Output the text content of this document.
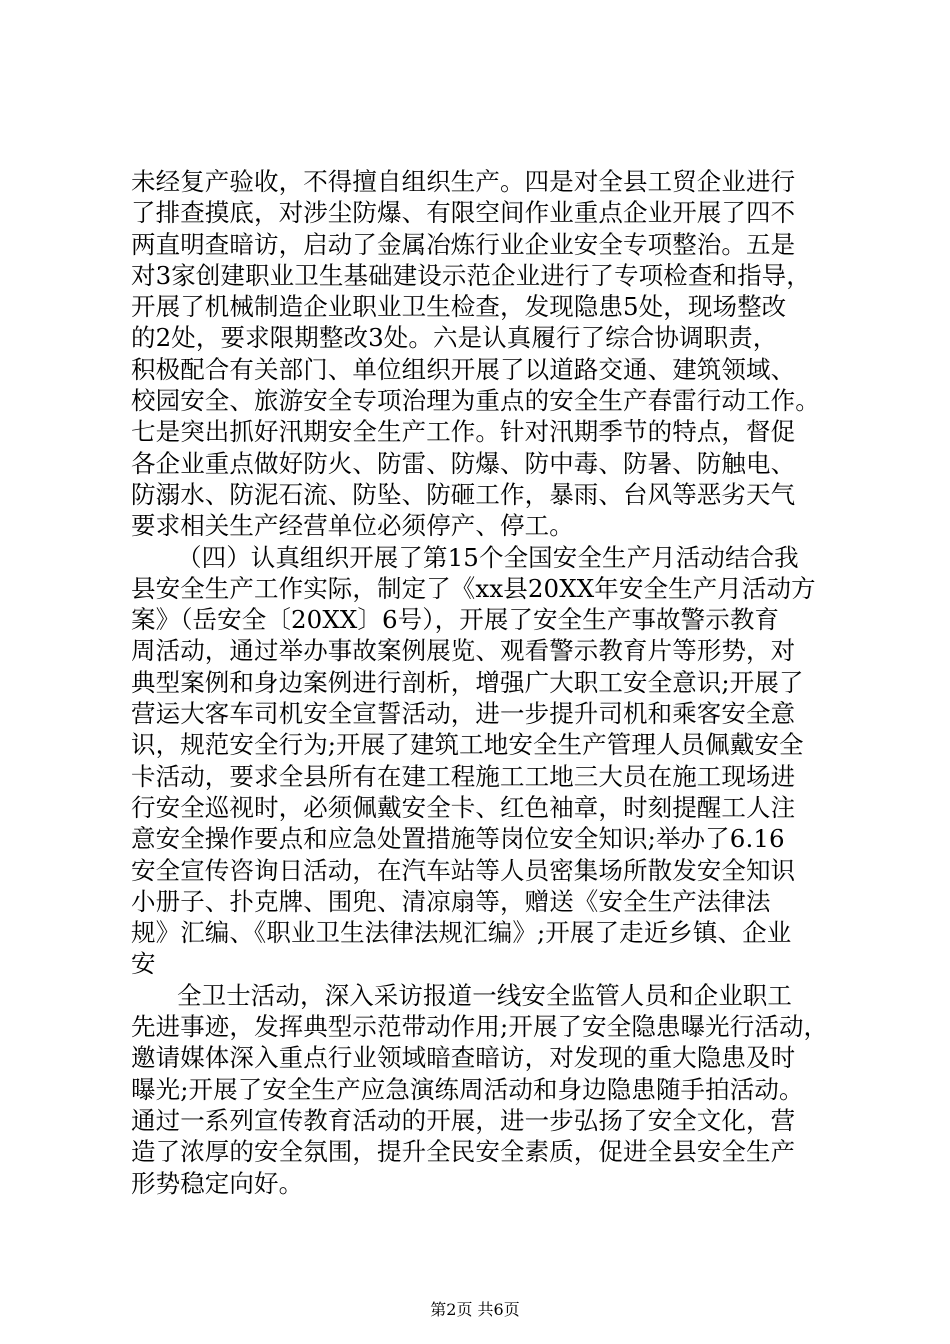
未经复产验收，不得擅自组织生产。四是对全县工贸企业进行
了排查摸底，对涉尘防爆、有限空间作业重点企业开展了四不
两直明查暗访，启动了金属冶炼行业企业安全专项整治。五是
对3家创建职业卫生基础建设示范企业进行了专项检查和指导，
开展了机械制造企业职业卫生检查，发现隐患5处，现场整改
的2处，要求限期整改3处。六是认真履行了综合协调职责，
积极配合有关部门、单位组织开展了以道路交通、建筑领域、
校园安全、旅游安全专项治理为重点的安全生产春雷行动工作。
七是突出抓好汛期安全生产工作。针对汛期季节的特点，督促
各企业重点做好防火、防雷、防爆、防中毒、防暑、防触电、
防溺水、防泥石流、防坠、防砸工作，暴雨、台风等恶劣天气
要求相关生产经营单位必须停产、停工。
（四）认真组织开展了第15个全国安全生产月活动结合我
县安全生产工作实际，制定了《xx县20XX年安全生产月活动方
案》（岳安全〔20XX〕6号），开展了安全生产事故警示教育
周活动，通过举办事故案例展览、观看警示教育片等形势，对
典型案例和身边案例进行剖析，增强广大职工安全意识;开展了
营运大客车司机安全宣誓活动，进一步提升司机和乘客安全意
识，规范安全行为;开展了建筑工地安全生产管理人员佩戴安全
卡活动，要求全县所有在建工程施工工地三大员在施工现场进
行安全巡视时，必须佩戴安全卡、红色袖章，时刻提醒工人注
意安全操作要点和应急处置措施等岗位安全知识;举办了6.16
安全宣传咨询日活动，在汽车站等人员密集场所散发安全知识
小册子、扑克牌、围兜、清凉扇等，赠送《安全生产法律法
规》汇编、《职业卫生法律法规汇编》;开展了走近乡镇、企业
安
全卫士活动，深入采访报道一线安全监管人员和企业职工
先进事迹，发挥典型示范带动作用;开展了安全隐患曝光行活动，
邀请媒体深入重点行业领域暗查暗访，对发现的重大隐患及时
曝光;开展了安全生产应急演练周活动和身边隐患随手拍活动。
通过一系列宣传教育活动的开展，进一步弘扬了安全文化，营
造了浓厚的安全氛围，提升全民安全素质，促进全县安全生产
形势稳定向好。
第2页 共6页
